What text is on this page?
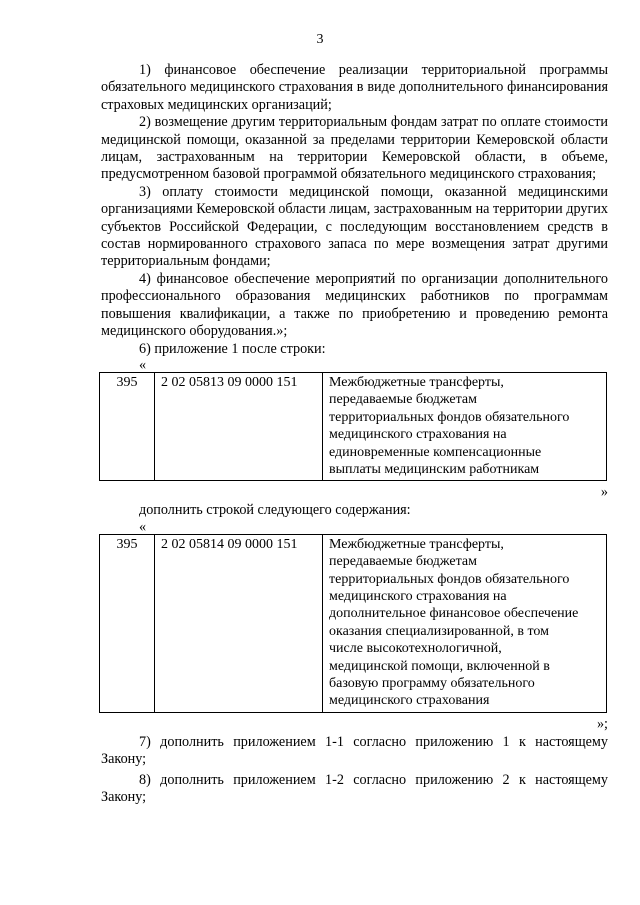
3

1) финансовое обеспечение реализации территориальной программы обязательного медицинского страхования в виде дополнительного финансирования страховых медицинских организаций;

2) возмещение другим территориальным фондам затрат по оплате стоимости медицинской помощи, оказанной за пределами территории Кемеровской области лицам, застрахованным на территории Кемеровской области, в объеме, предусмотренном базовой программой обязательного медицинского страхования;

3) оплату стоимости медицинской помощи, оказанной медицинскими организациями Кемеровской области лицам, застрахованным на территории других субъектов Российской Федерации, с последующим восстановлением средств в состав нормированного страхового запаса по мере возмещения затрат другими территориальным фондами;

4) финансовое обеспечение мероприятий по организации дополнительного профессионального образования медицинских работников по программам повышения квалификации, а также по приобретению и проведению ремонта медицинского оборудования.»;

6) приложение 1 после строки:

«

395	2 02 05813 09 0000 151	Межбюджетные трансферты,
передаваемые бюджетам
территориальных фондов обязательного
медицинского страхования на
единовременные компенсационные
выплаты медицинским работникам

»

дополнить строкой следующего содержания:

«

395	2 02 05814 09 0000 151	Межбюджетные трансферты,
передаваемые бюджетам
территориальных фондов обязательного
медицинского страхования на
дополнительное финансовое обеспечение
оказания специализированной, в том
числе высокотехнологичной,
медицинской помощи, включенной в
базовую программу обязательного
медицинского страхования

»;

7) дополнить приложением 1-1 согласно приложению 1 к настоящему Закону;

8) дополнить приложением 1-2 согласно приложению 2 к настоящему Закону;
